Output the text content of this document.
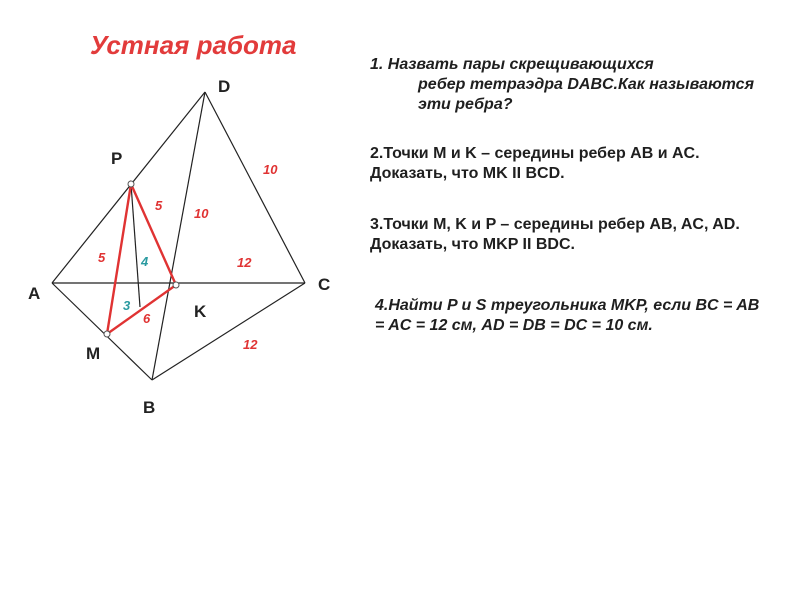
Устная работа
D
P
A	C
K
M
B
10
10
5
5	4
3
6
12
12

1. Назвать пары скрещивающихся
ребер тетраэдра DABC.Как называются эти ребра?

2.Точки M и K – середины ребер AB и AC. Доказать, что MK II BCD.

3.Точки M, K и P – середины ребер AB, AC, AD. Доказать, что MKP II BDC.

4.Найти P и S треугольника MKP, если BC = AB = AC = 12 см, AD = DB = DC = 10 см.
